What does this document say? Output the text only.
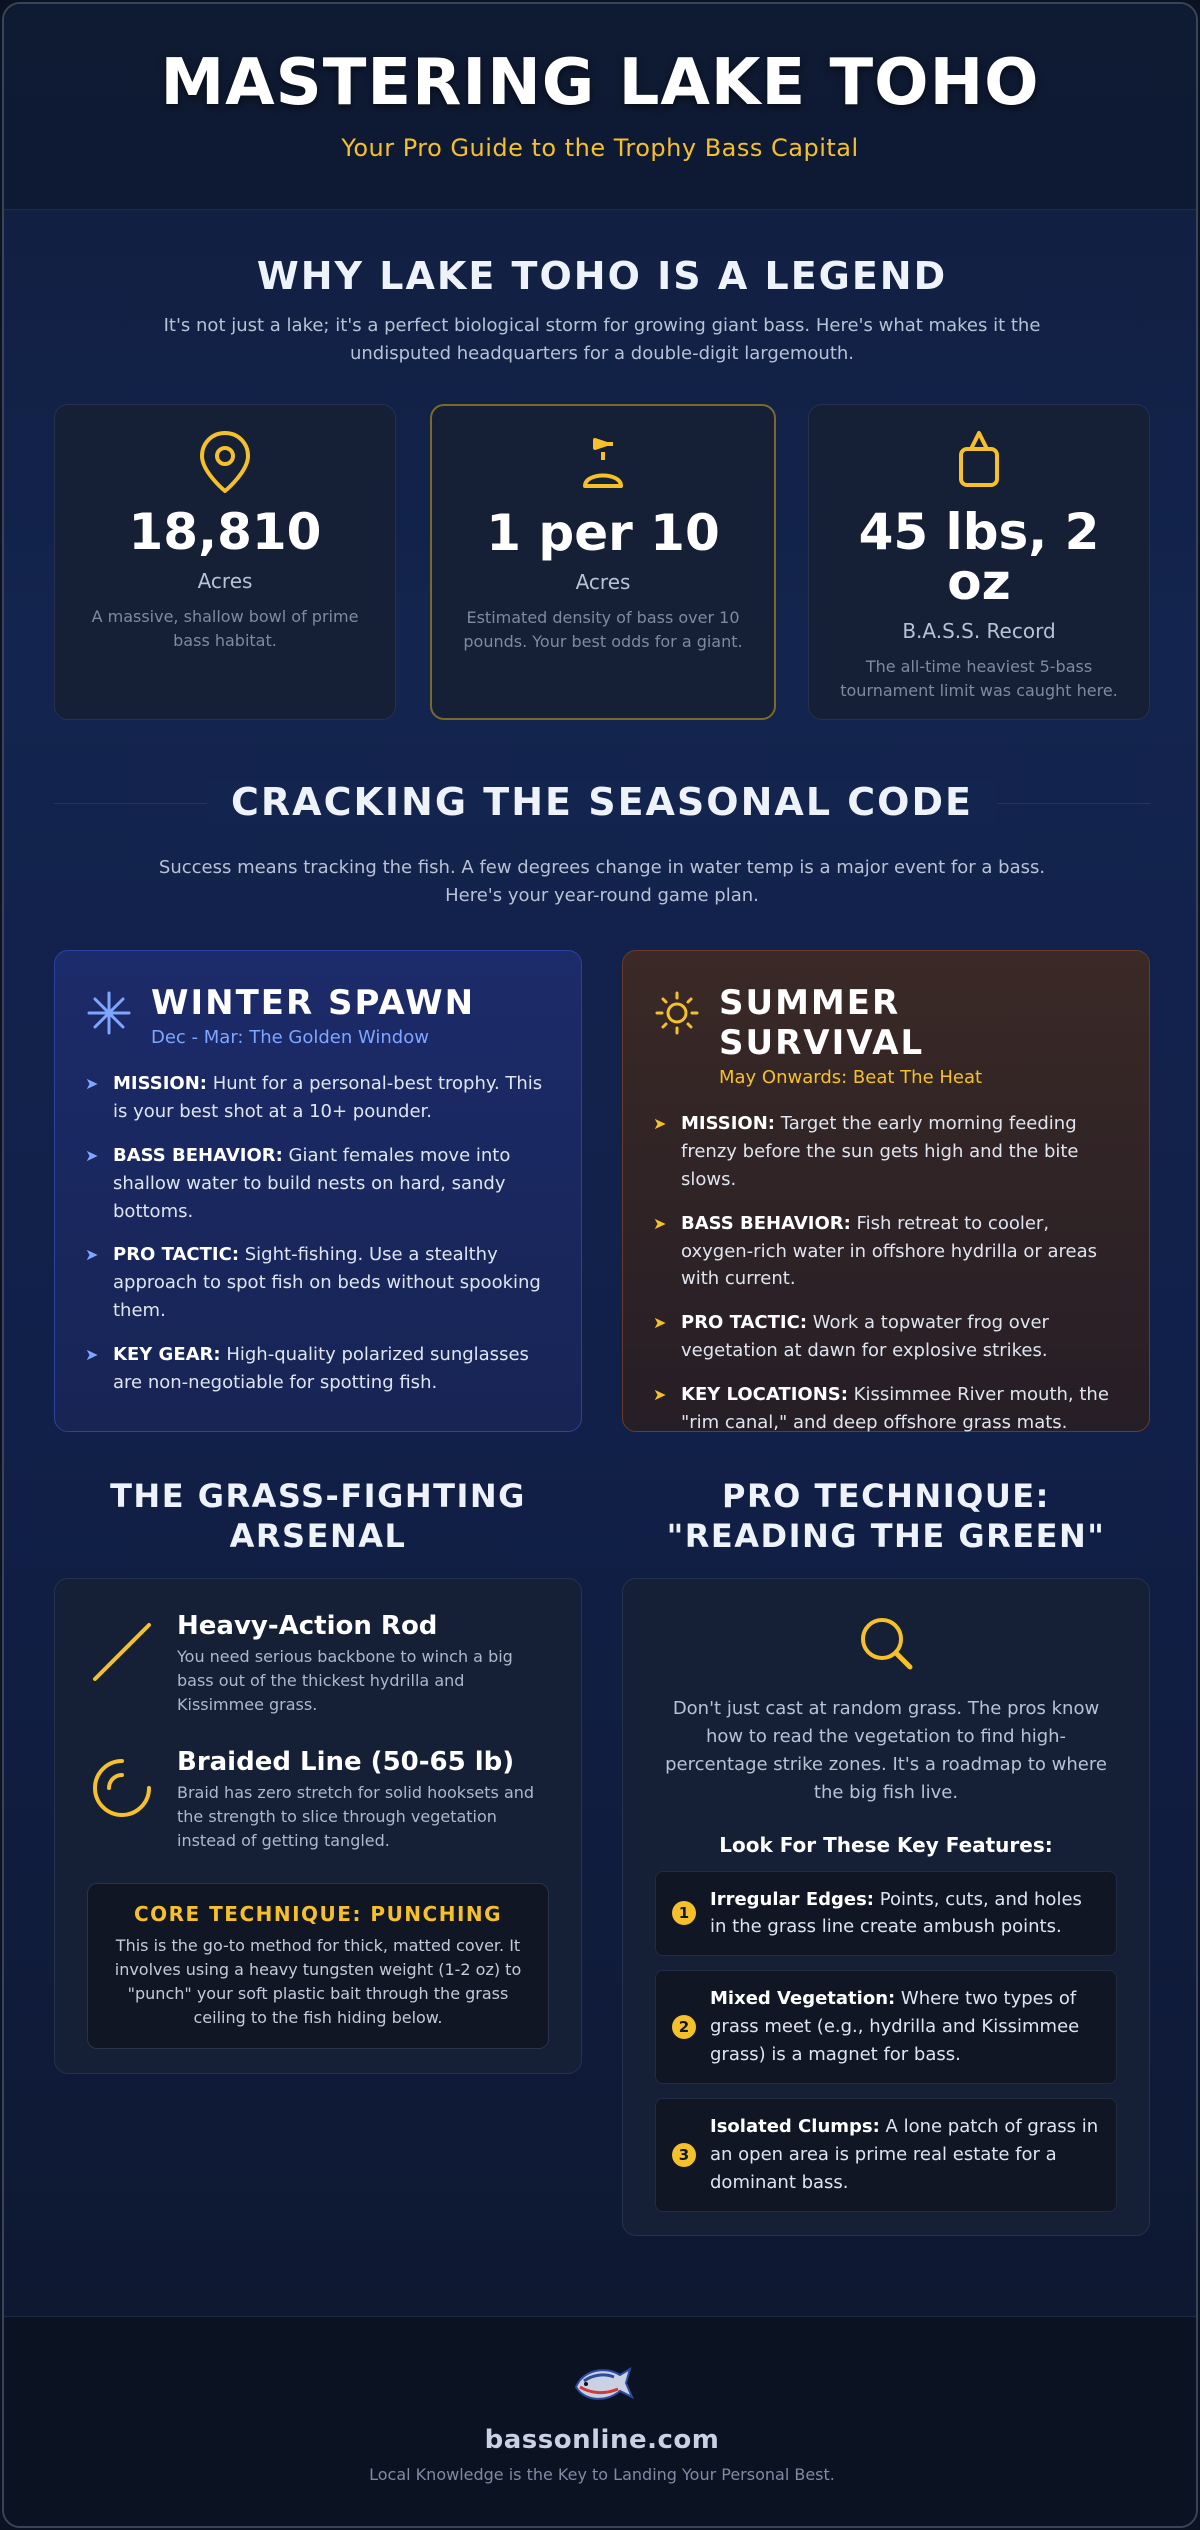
MASTERING LAKE TOHO
Your Pro Guide to the Trophy Bass Capital
WHY LAKE TOHO IS A LEGEND
It's not just a lake; it's a perfect biological storm for growing giant bass. Here's what makes it the undisputed headquarters for a double-digit largemouth.
18,810
Acres
A massive, shallow bowl of prime bass habitat.
1 per 10
Acres
Estimated density of bass over 10 pounds. Your best odds for a giant.
45 lbs, 2 oz
B.A.S.S. Record
The all-time heaviest 5-bass tournament limit was caught here.
CRACKING THE SEASONAL CODE
Success means tracking the fish. A few degrees change in water temp is a major event for a bass. Here's your year-round game plan.
WINTER SPAWN
Dec - Mar: The Golden Window
➤ MISSION: Hunt for a personal-best trophy. This is your best shot at a 10+ pounder.
➤ BASS BEHAVIOR: Giant females move into shallow water to build nests on hard, sandy bottoms.
➤ PRO TACTIC: Sight-fishing. Use a stealthy approach to spot fish on beds without spooking them.
➤ KEY GEAR: High-quality polarized sunglasses are non-negotiable for spotting fish.
SUMMER SURVIVAL
May Onwards: Beat The Heat
➤ MISSION: Target the early morning feeding frenzy before the sun gets high and the bite slows.
➤ BASS BEHAVIOR: Fish retreat to cooler, oxygen-rich water in offshore hydrilla or areas with current.
➤ PRO TACTIC: Work a topwater frog over vegetation at dawn for explosive strikes.
➤ KEY LOCATIONS: Kissimmee River mouth, the "rim canal," and deep offshore grass mats.
THE GRASS-FIGHTING ARSENAL
PRO TECHNIQUE: "READING THE GREEN"
Heavy-Action Rod

You need serious backbone to winch a big bass out of the thickest hydrilla and Kissimmee grass.

Braided Line (50-65 lb)

Braid has zero stretch for solid hooksets and the strength to slice through vegetation instead of getting tangled.

CORE TECHNIQUE: PUNCHING

This is the go-to method for thick, matted cover. It involves using a heavy tungsten weight (1-2 oz) to "punch" your soft plastic bait through the grass ceiling to the fish hiding below.

Don't just cast at random grass. The pros know how to read the vegetation to find high-percentage strike zones. It's a roadmap to where the big fish live.
Look For These Key Features:
1

Irregular Edges: Points, cuts, and holes in the grass line create ambush points.

2

Mixed Vegetation: Where two types of grass meet (e.g., hydrilla and Kissimmee grass) is a magnet for bass.

3

Isolated Clumps: A lone patch of grass in an open area is prime real estate for a dominant bass.

bassonline.com
Local Knowledge is the Key to Landing Your Personal Best.
